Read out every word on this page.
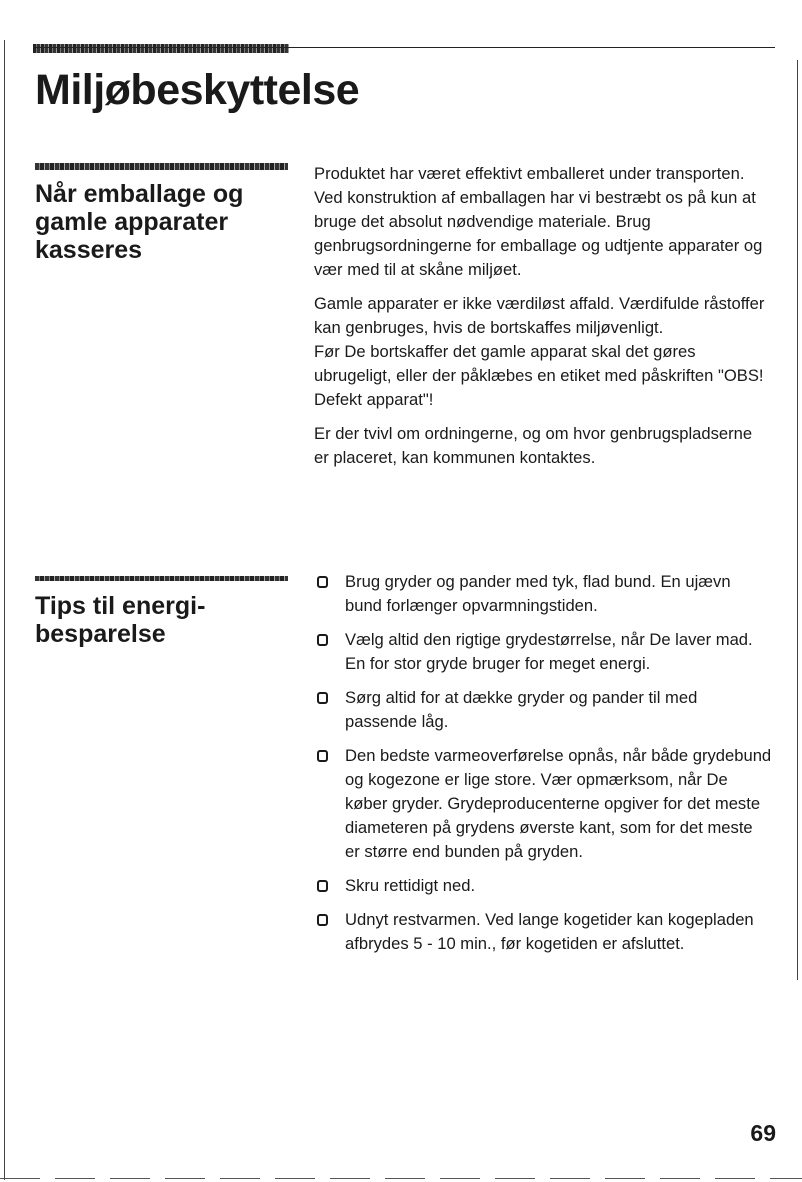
Miljøbeskyttelse
Når emballage og gamle apparater kasseres

Produktet har været effektivt emballeret under transporten. Ved konstruktion af emballagen har vi bestræbt os på kun at bruge det absolut nødvendige materiale. Brug genbrugsordningerne for emballage og udtjente apparater og vær med til at skåne miljøet.

Gamle apparater er ikke værdiløst affald. Værdifulde råstoffer kan genbruges, hvis de bortskaffes miljøvenligt.

Før De bortskaffer det gamle apparat skal det gøres ubrugeligt, eller der påklæbes en etiket med påskriften "OBS! Defekt apparat"!

Er der tvivl om ordningerne, og om hvor genbrugspladserne er placeret, kan kommunen kontaktes.

Tips til energi-besparelse
Brug gryder og pander med tyk, flad bund. En ujævn bund forlænger opvarmningstiden.
Vælg altid den rigtige grydestørrelse, når De laver mad. En for stor gryde bruger for meget energi.
Sørg altid for at dække gryder og pander til med passende låg.
Den bedste varmeoverførelse opnås, når både grydebund og kogezone er lige store. Vær opmærksom, når De køber gryder. Grydeproducenterne opgiver for det meste diameteren på grydens øverste kant, som for det meste er større end bunden på gryden.
Skru rettidigt ned.
Udnyt restvarmen. Ved lange kogetider kan kogepladen afbrydes 5 - 10 min., før kogetiden er afsluttet.
69
